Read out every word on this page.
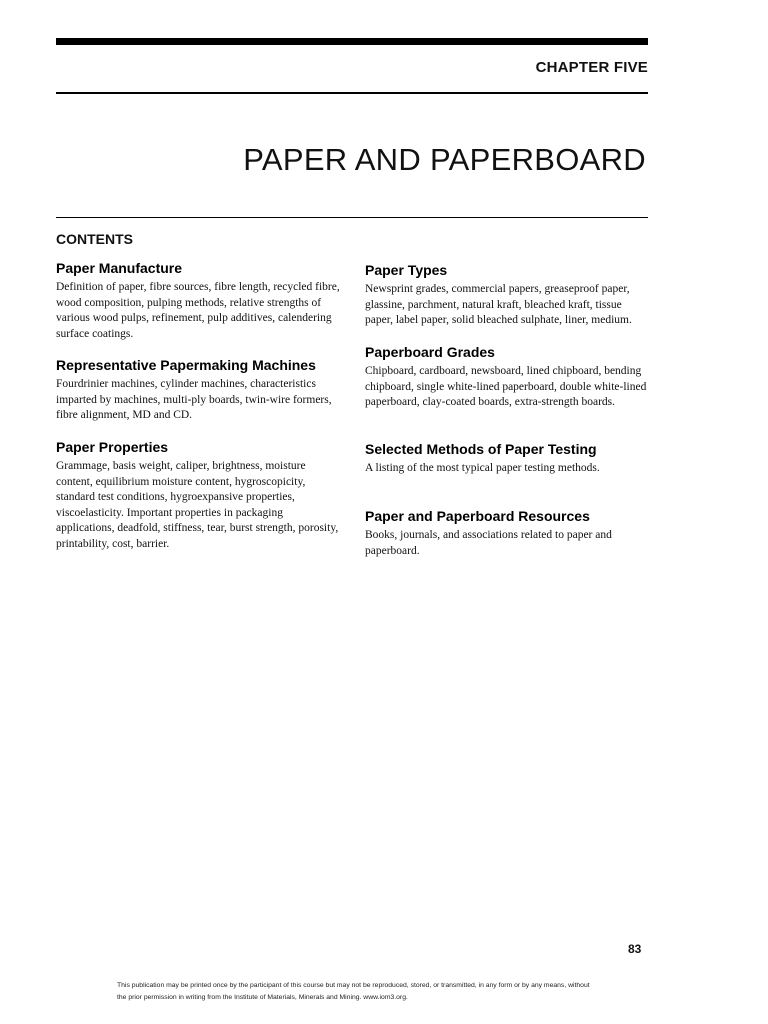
CHAPTER FIVE
PAPER AND PAPERBOARD
CONTENTS
Paper Manufacture

Definition of paper, fibre sources, fibre length, recycled fibre, wood composition, pulping methods, relative strengths of various wood pulps, refinement, pulp additives, calendering surface coatings.

Representative Papermaking Machines

Fourdrinier machines, cylinder machines, characteristics imparted by machines, multi-ply boards, twin-wire formers, fibre alignment, MD and CD.

Paper Properties

Grammage, basis weight, caliper, brightness, moisture content, equilibrium moisture content, hygroscopicity, standard test conditions, hygroexpansive properties, viscoelasticity. Important properties in packaging applications, deadfold, stiffness, tear, burst strength, porosity, printability, cost, barrier.

Paper Types

Newsprint grades, commercial papers, greaseproof paper, glassine, parchment, natural kraft, bleached kraft, tissue paper, label paper, solid bleached sulphate, liner, medium.

Paperboard Grades

Chipboard, cardboard, newsboard, lined chipboard, bending chipboard, single white-lined paperboard, double white-lined paperboard, clay-coated boards, extra-strength boards.

Selected Methods of Paper Testing

A listing of the most typical paper testing methods.

Paper and Paperboard Resources

Books, journals, and associations related to paper and paperboard.

83
This publication may be printed once by the participant of this course but may not be reproduced, stored, or transmitted, in any form or by any means, without
the prior permission in writing from the Institute of Materials, Minerals and Mining. www.iom3.org.
